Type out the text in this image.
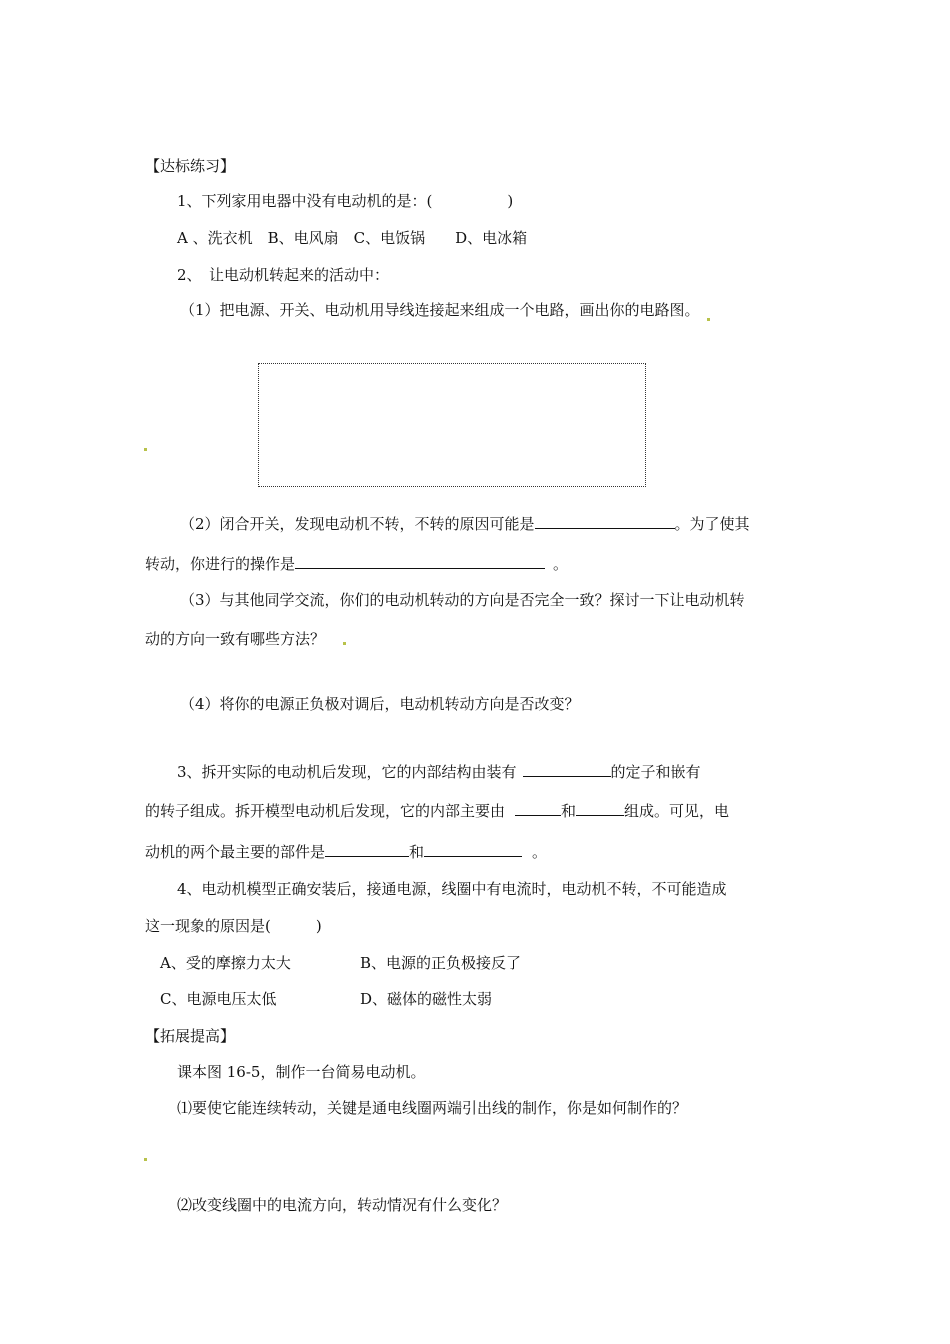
【达标练习】
1、下列家用电器中没有电动机的是：(　　　　　)
A 、洗衣机　B、电风扇　C、电饭锅　　D、电冰箱
2、　让电动机转起来的活动中：
（1）把电源、开关、电动机用导线连接起来组成一个电路，画出你的电路图。
（2）闭合开关，发现电动机不转，不转的原因可能是	。为了使其
转动，你进行的操作是	。
（3）与其他同学交流，你们的电动机转动的方向是否完全一致？探讨一下让电动机转
动的方向一致有哪些方法？
（4）将你的电源正负极对调后，电动机转动方向是否改变？
3、拆开实际的电动机后发现，它的内部结构由装有	的定子和嵌有
的转子组成。拆开模型电动机后发现，它的内部主要由	和	组成。可见，电
动机的两个最主要的部件是	和	。
4、电动机模型正确安装后，接通电源，线圈中有电流时，电动机不转，不可能造成
这一现象的原因是(　　　)
A、受的摩擦力太大	B、电源的正负极接反了
C、电源电压太低	D、磁体的磁性太弱
【拓展提高】
课本图 16-5，制作一台简易电动机。
⑴要使它能连续转动，关键是通电线圈两端引出线的制作，你是如何制作的？
⑵改变线圈中的电流方向，转动情况有什么变化？
